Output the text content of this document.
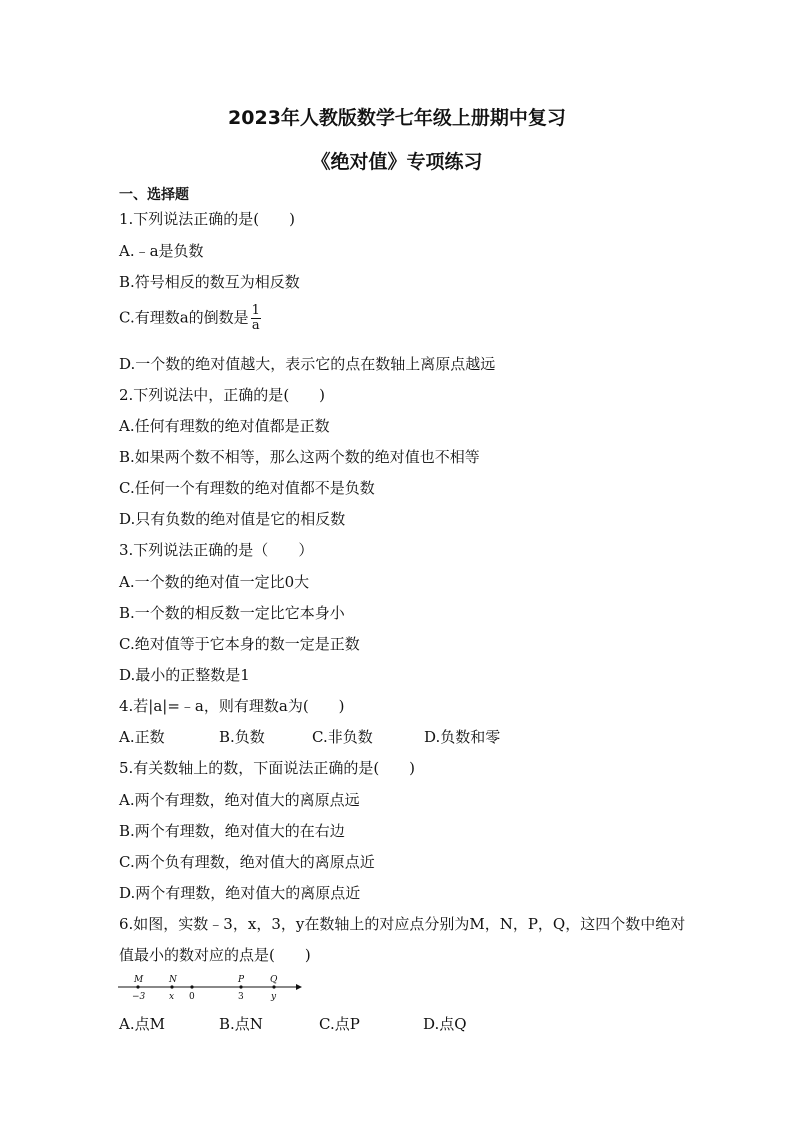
2023年人教版数学七年级上册期中复习
《绝对值》专项练习
一、选择题
1.下列说法正确的是(　　)
A.﹣a是负数
B.符号相反的数互为相反数
C.有理数a的倒数是 $\frac{1}{a}$
D.一个数的绝对值越大，表示它的点在数轴上离原点越远
2.下列说法中，正确的是(　　)
A.任何有理数的绝对值都是正数
B.如果两个数不相等，那么这两个数的绝对值也不相等
C.任何一个有理数的绝对值都不是负数
D.只有负数的绝对值是它的相反数
3.下列说法正确的是（　　）
A.一个数的绝对值一定比0大
B.一个数的相反数一定比它本身小
C.绝对值等于它本身的数一定是正数
D.最小的正整数是1
4.若|a|=﹣a，则有理数a为(　　)
A.正数	B.负数	C.非负数	D.负数和零
5.有关数轴上的数，下面说法正确的是(　　)
A.两个有理数，绝对值大的离原点远
B.两个有理数，绝对值大的在右边
C.两个负有理数，绝对值大的离原点近
D.两个有理数，绝对值大的离原点近
6.如图，实数﹣3，x，3，y在数轴上的对应点分别为M，N，P，Q，这四个数中绝对
值最小的数对应的点是(　　)
M	N	P	Q
−3	x 0	3	y
A.点M	B.点N	C.点P	D.点Q
